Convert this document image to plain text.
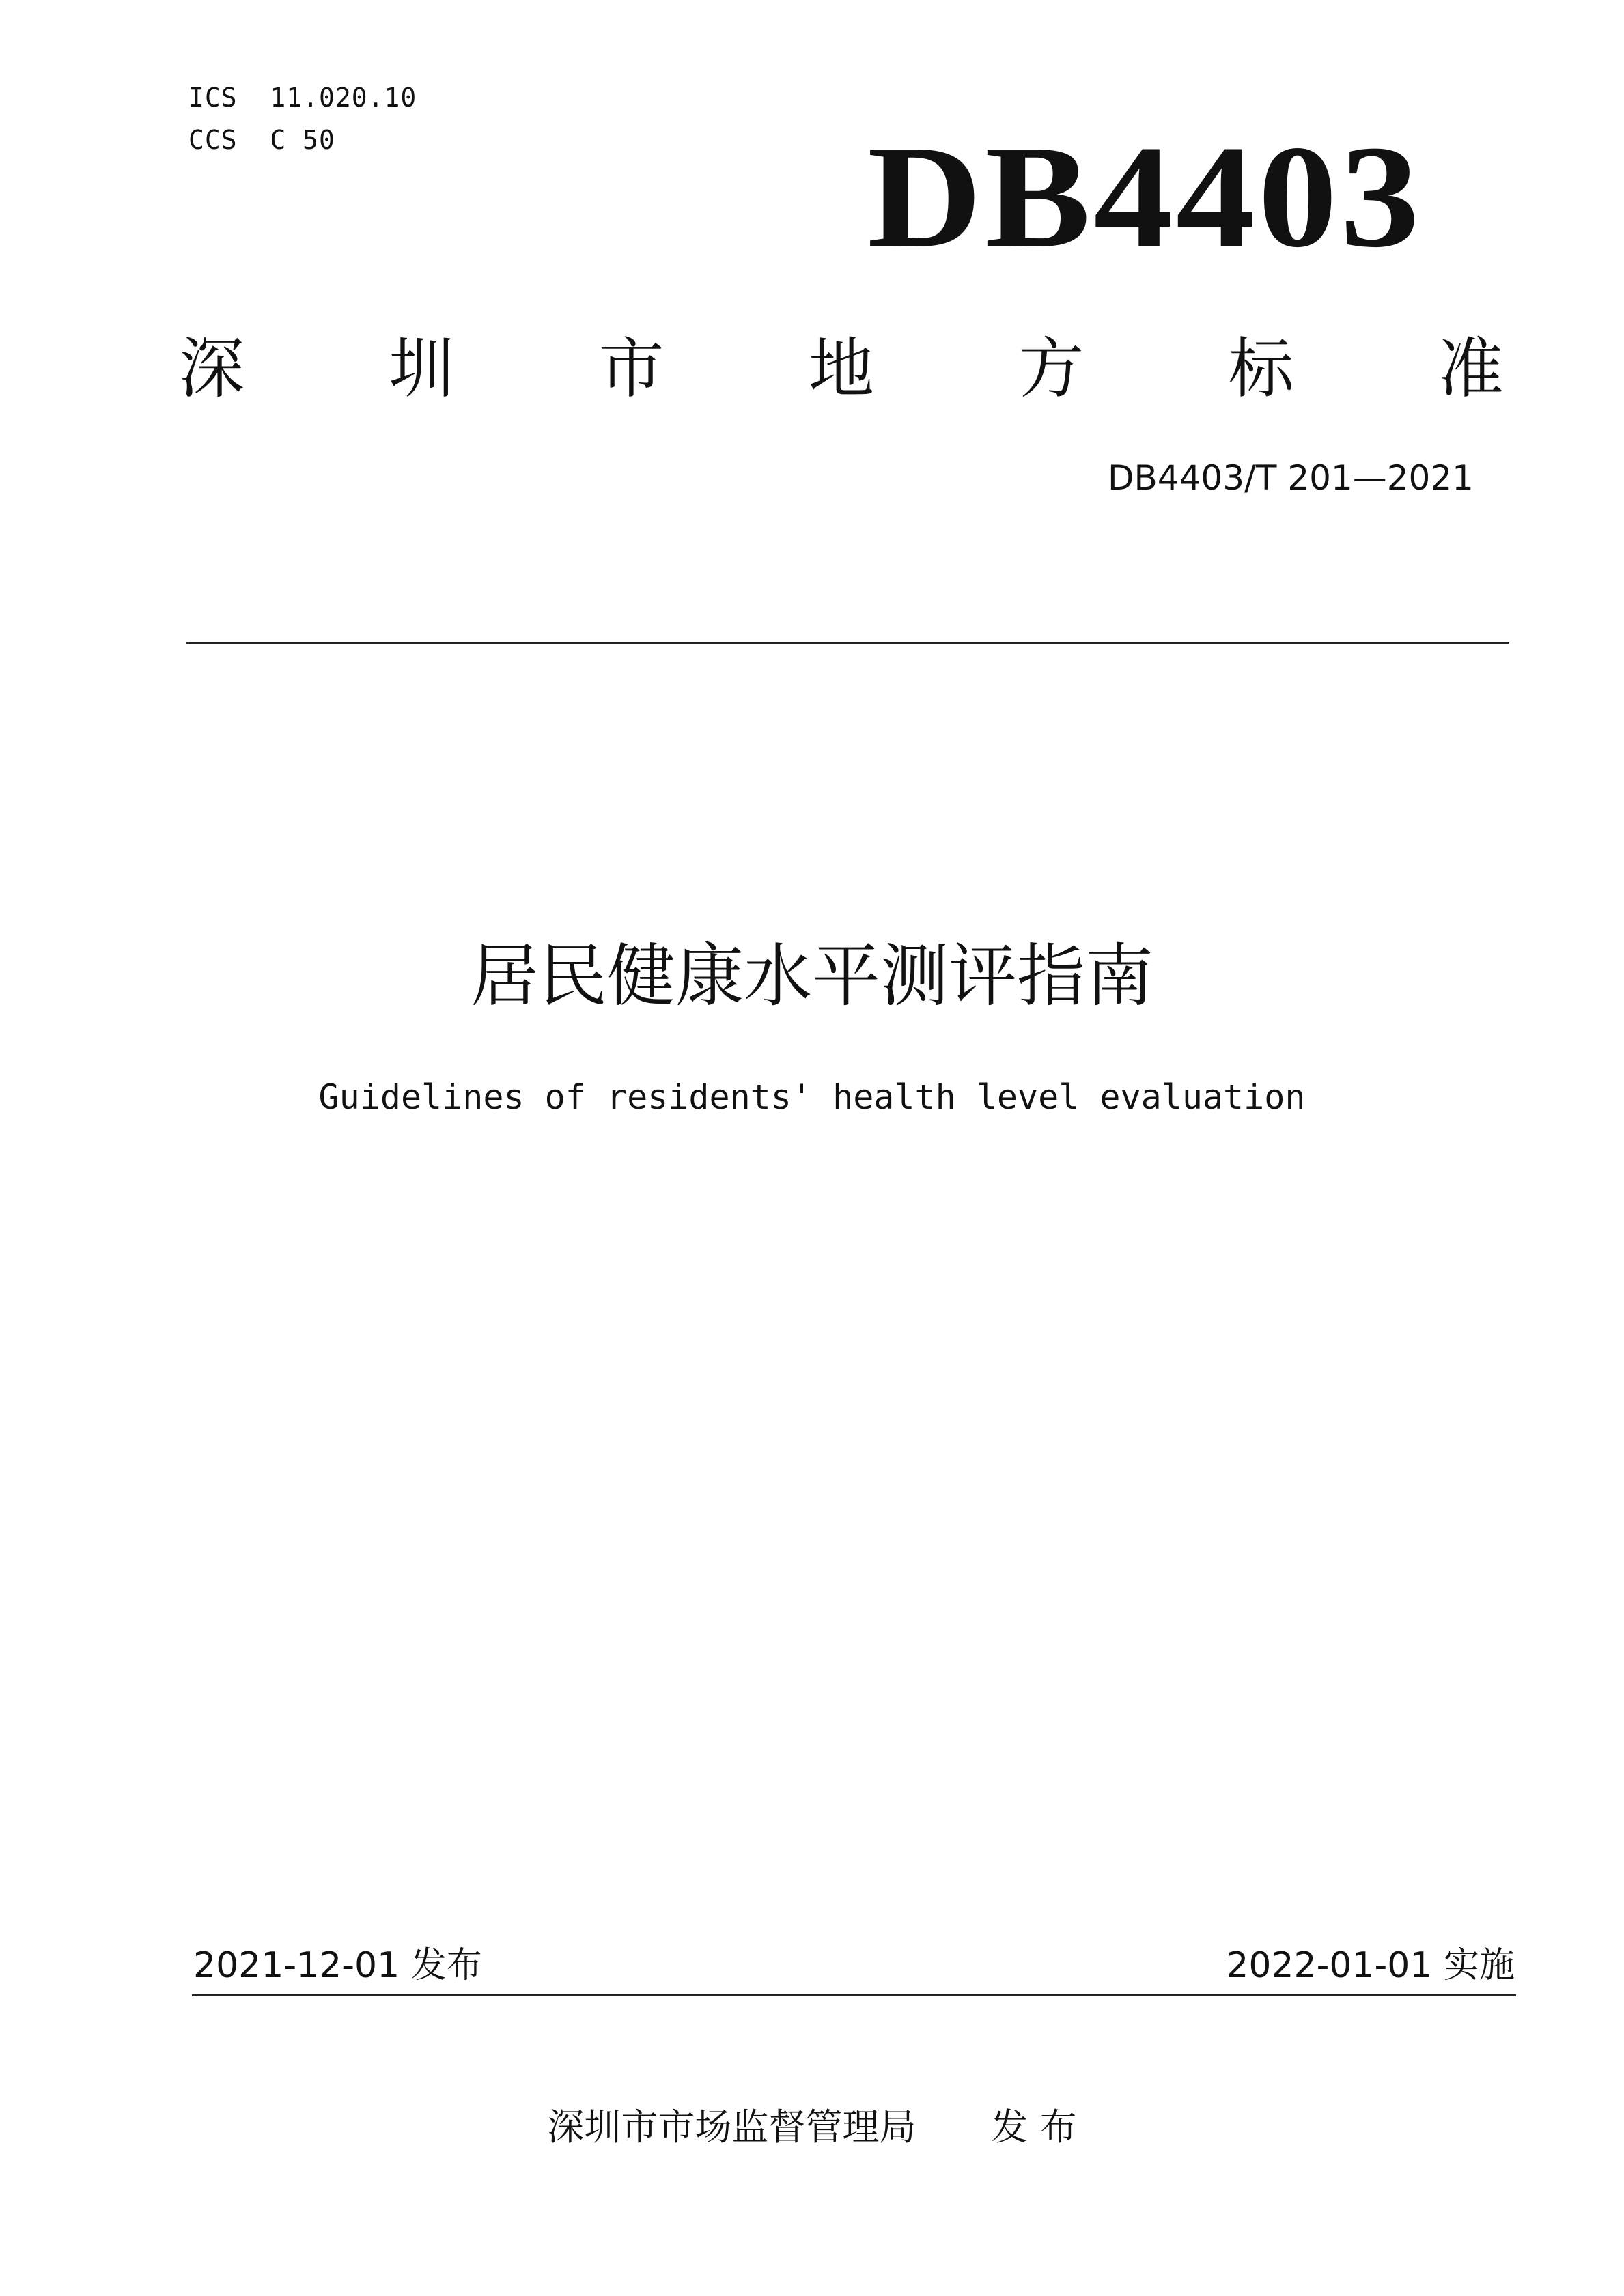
ICS  11.020.10
CCS  C 50	DB4403
深 圳 市 地 方 标 准
DB4403/T 201—2021
居民健康水平测评指南
Guidelines of residents' health level evaluation
2021-12-01 发布	2022-01-01 实施
深圳市市场监督管理局 发 布
